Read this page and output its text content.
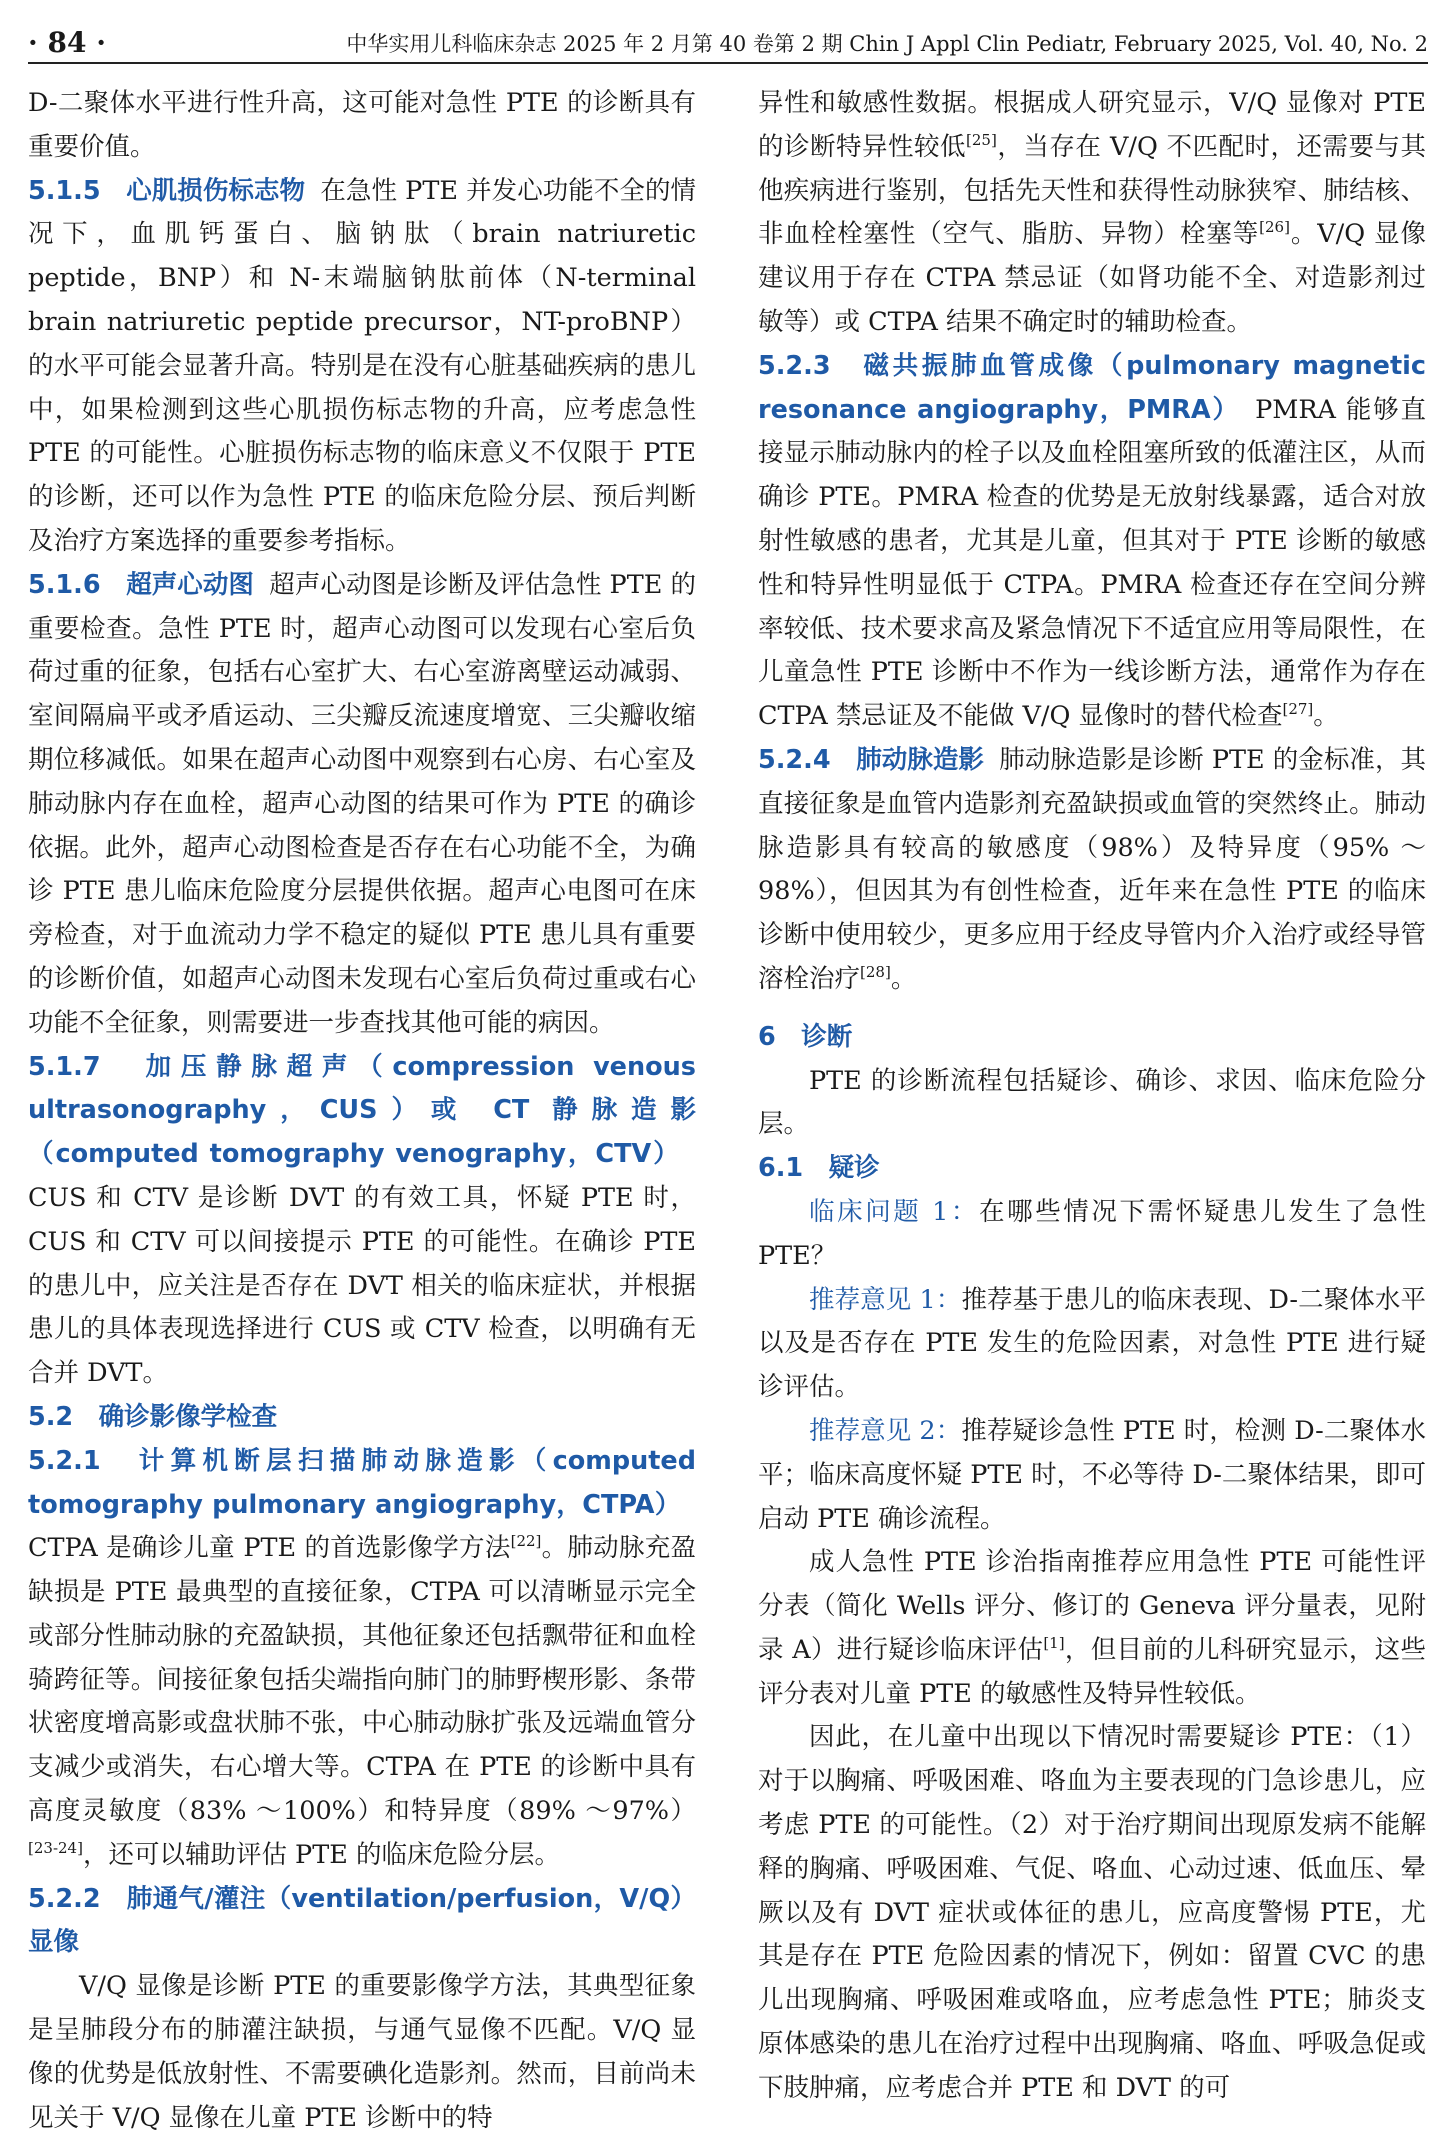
· 84 ·	中华实用儿科临床杂志 2025 年 2 月第 40 卷第 2 期 Chin J Appl Clin Pediatr, February 2025, Vol. 40, No. 2

D-二聚体水平进行性升高，这可能对急性 PTE 的诊断具有重要价值。

5.1.5　心肌损伤标志物 在急性 PTE 并发心功能不全的情况下，血肌钙蛋白、脑钠肽（brain natriuretic peptide，BNP）和 N-末端脑钠肽前体（N-terminal brain natriuretic peptide precursor，NT-proBNP）的水平可能会显著升高。特别是在没有心脏基础疾病的患儿中，如果检测到这些心肌损伤标志物的升高，应考虑急性 PTE 的可能性。心脏损伤标志物的临床意义不仅限于 PTE 的诊断，还可以作为急性 PTE 的临床危险分层、预后判断及治疗方案选择的重要参考指标。

5.1.6　超声心动图 超声心动图是诊断及评估急性 PTE 的重要检查。急性 PTE 时，超声心动图可以发现右心室后负荷过重的征象，包括右心室扩大、右心室游离壁运动减弱、室间隔扁平或矛盾运动、三尖瓣反流速度增宽、三尖瓣收缩期位移减低。如果在超声心动图中观察到右心房、右心室及肺动脉内存在血栓，超声心动图的结果可作为 PTE 的确诊依据。此外，超声心动图检查是否存在右心功能不全，为确诊 PTE 患儿临床危险度分层提供依据。超声心电图可在床旁检查，对于血流动力学不稳定的疑似 PTE 患儿具有重要的诊断价值，如超声心动图未发现右心室后负荷过重或右心功能不全征象，则需要进一步查找其他可能的病因。

5.1.7　加压静脉超声（compression venous ultrasonography，CUS）或 CT 静脉造影（computed tomography venography，CTV）CUS 和 CTV 是诊断 DVT 的有效工具，怀疑 PTE 时，CUS 和 CTV 可以间接提示 PTE 的可能性。在确诊 PTE 的患儿中，应关注是否存在 DVT 相关的临床症状，并根据患儿的具体表现选择进行 CUS 或 CTV 检查，以明确有无合并 DVT。

5.2　确诊影像学检查

5.2.1　计算机断层扫描肺动脉造影（computed tomography pulmonary angiography，CTPA）CTPA 是确诊儿童 PTE 的首选影像学方法[22]。肺动脉充盈缺损是 PTE 最典型的直接征象，CTPA 可以清晰显示完全或部分性肺动脉的充盈缺损，其他征象还包括飘带征和血栓骑跨征等。间接征象包括尖端指向肺门的肺野楔形影、条带状密度增高影或盘状肺不张，中心肺动脉扩张及远端血管分支减少或消失，右心增大等。CTPA 在 PTE 的诊断中具有高度灵敏度（83% ～100%）和特异度（89% ～97%）[23-24]，还可以辅助评估 PTE 的临床危险分层。

5.2.2　肺通气/灌注（ventilation/perfusion，V/Q）显像

V/Q 显像是诊断 PTE 的重要影像学方法，其典型征象是呈肺段分布的肺灌注缺损，与通气显像不匹配。V/Q 显像的优势是低放射性、不需要碘化造影剂。然而，目前尚未见关于 V/Q 显像在儿童 PTE 诊断中的特

异性和敏感性数据。根据成人研究显示，V/Q 显像对 PTE 的诊断特异性较低[25]，当存在 V/Q 不匹配时，还需要与其他疾病进行鉴别，包括先天性和获得性动脉狭窄、肺结核、非血栓栓塞性（空气、脂肪、异物）栓塞等[26]。V/Q 显像建议用于存在 CTPA 禁忌证（如肾功能不全、对造影剂过敏等）或 CTPA 结果不确定时的辅助检查。

5.2.3　磁共振肺血管成像（pulmonary magnetic resonance angiography，PMRA） PMRA 能够直接显示肺动脉内的栓子以及血栓阻塞所致的低灌注区，从而确诊 PTE。PMRA 检查的优势是无放射线暴露，适合对放射性敏感的患者，尤其是儿童，但其对于 PTE 诊断的敏感性和特异性明显低于 CTPA。PMRA 检查还存在空间分辨率较低、技术要求高及紧急情况下不适宜应用等局限性，在儿童急性 PTE 诊断中不作为一线诊断方法，通常作为存在 CTPA 禁忌证及不能做 V/Q 显像时的替代检查[27]。

5.2.4　肺动脉造影 肺动脉造影是诊断 PTE 的金标准，其直接征象是血管内造影剂充盈缺损或血管的突然终止。肺动脉造影具有较高的敏感度（98%）及特异度（95% ～98%），但因其为有创性检查，近年来在急性 PTE 的临床诊断中使用较少，更多应用于经皮导管内介入治疗或经导管溶栓治疗[28]。

6　诊断

PTE 的诊断流程包括疑诊、确诊、求因、临床危险分层。

6.1　疑诊

临床问题 1：在哪些情况下需怀疑患儿发生了急性 PTE？

推荐意见 1：推荐基于患儿的临床表现、D-二聚体水平以及是否存在 PTE 发生的危险因素，对急性 PTE 进行疑诊评估。

推荐意见 2：推荐疑诊急性 PTE 时，检测 D-二聚体水平；临床高度怀疑 PTE 时，不必等待 D-二聚体结果，即可启动 PTE 确诊流程。

成人急性 PTE 诊治指南推荐应用急性 PTE 可能性评分表（简化 Wells 评分、修订的 Geneva 评分量表，见附录 A）进行疑诊临床评估[1]，但目前的儿科研究显示，这些评分表对儿童 PTE 的敏感性及特异性较低。

因此，在儿童中出现以下情况时需要疑诊 PTE：（1）对于以胸痛、呼吸困难、咯血为主要表现的门急诊患儿，应考虑 PTE 的可能性。（2）对于治疗期间出现原发病不能解释的胸痛、呼吸困难、气促、咯血、心动过速、低血压、晕厥以及有 DVT 症状或体征的患儿，应高度警惕 PTE，尤其是存在 PTE 危险因素的情况下，例如：留置 CVC 的患儿出现胸痛、呼吸困难或咯血，应考虑急性 PTE；肺炎支原体感染的患儿在治疗过程中出现胸痛、咯血、呼吸急促或下肢肿痛，应考虑合并 PTE 和 DVT 的可
